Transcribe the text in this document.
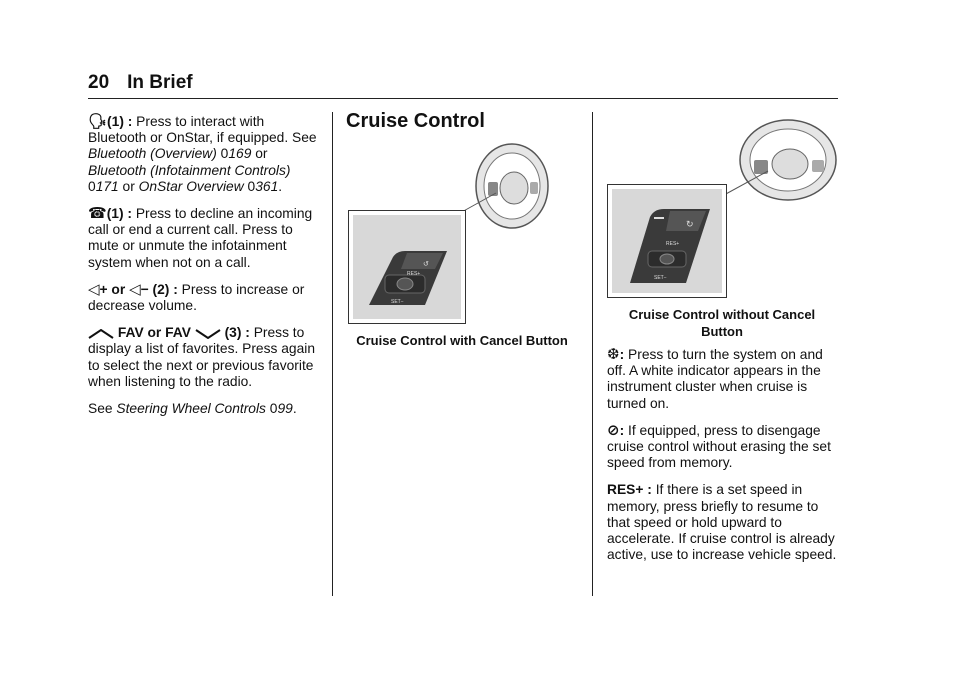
20 In Brief

🗣︎(1) : Press to interact with Bluetooth or OnStar, if equipped. See Bluetooth (Overview) 0169 or Bluetooth (Infotainment Controls) 0171 or OnStar Overview 0361.

☎(1) : Press to decline an incoming call or end a current call. Press to mute or unmute the infotainment system when not on a call.

◁+ or ◁− (2) : Press to increase or decrease volume.

FAV or FAV  (3) : Press to display a list of favorites. Press again to select the next or previous favorite when listening to the radio.

See Steering Wheel Controls 099.

Cruise Control
↺
RES+
SET−
Cruise Control with Cancel Button
↻
RES+
SET−
Cruise Control without Cancel
Button

❆: Press to turn the system on and off. A white indicator appears in the instrument cluster when cruise is turned on.

⊘: If equipped, press to disengage cruise control without erasing the set speed from memory.

RES+ : If there is a set speed in memory, press briefly to resume to that speed or hold upward to accelerate. If cruise control is already active, use to increase vehicle speed.
